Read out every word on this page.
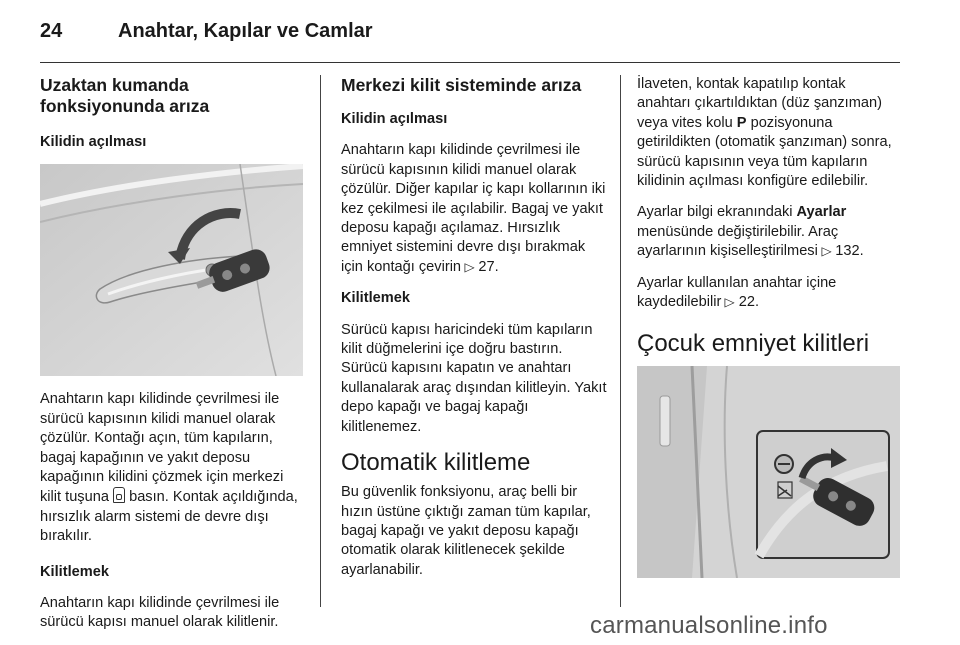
24	Anahtar, Kapılar ve Camlar
Uzaktan kumanda
fonksiyonunda arıza

Kilidin açılması

Anahtarın kapı kilidinde çevrilmesi ile sürücü kapısının kilidi manuel olarak çözülür. Kontağı açın, tüm kapıların, bagaj kapağının ve yakıt deposu kapağının kilidini çözmek için merkezi kilit tuşuna basın. Kontak açıldığında, hırsızlık alarm sistemi de devre dışı bırakılır.

Kilitlemek

Anahtarın kapı kilidinde çevrilmesi ile sürücü kapısı manuel olarak kilitlenir.

Merkezi kilit sisteminde arıza

Kilidin açılması

Anahtarın kapı kilidinde çevrilmesi ile sürücü kapısının kilidi manuel olarak çözülür. Diğer kapılar iç kapı kollarının iki kez çekilmesi ile açılabilir. Bagaj ve yakıt deposu kapağı açılamaz. Hırsızlık emniyet sistemini devre dışı bırakmak için kontağı çevirin ▷ 27.

Kilitlemek

Sürücü kapısı haricindeki tüm kapıların kilit düğmelerini içe doğru bastırın. Sürücü kapısını kapatın ve anahtarı kullanalarak araç dışından kilitleyin. Yakıt depo kapağı ve bagaj kapağı kilitlenemez.

Otomatik kilitleme

Bu güvenlik fonksiyonu, araç belli bir hızın üstüne çıktığı zaman tüm kapılar, bagaj kapağı ve yakıt deposu kapağı otomatik olarak kilitlenecek şekilde ayarlanabilir.

İlaveten, kontak kapatılıp kontak anahtarı çıkartıldıktan (düz şanzıman) veya vites kolu P pozisyonuna getirildikten (otomatik şanzıman) sonra, sürücü kapısının veya tüm kapıların kilidinin açılması konfigüre edilebilir.

Ayarlar bilgi ekranındaki Ayarlar menüsünde değiştirilebilir. Araç ayarlarının kişiselleştirilmesi ▷ 132.

Ayarlar kullanılan anahtar içine kaydedilebilir ▷ 22.

Çocuk emniyet kilitleri
carmanualsonline.info
